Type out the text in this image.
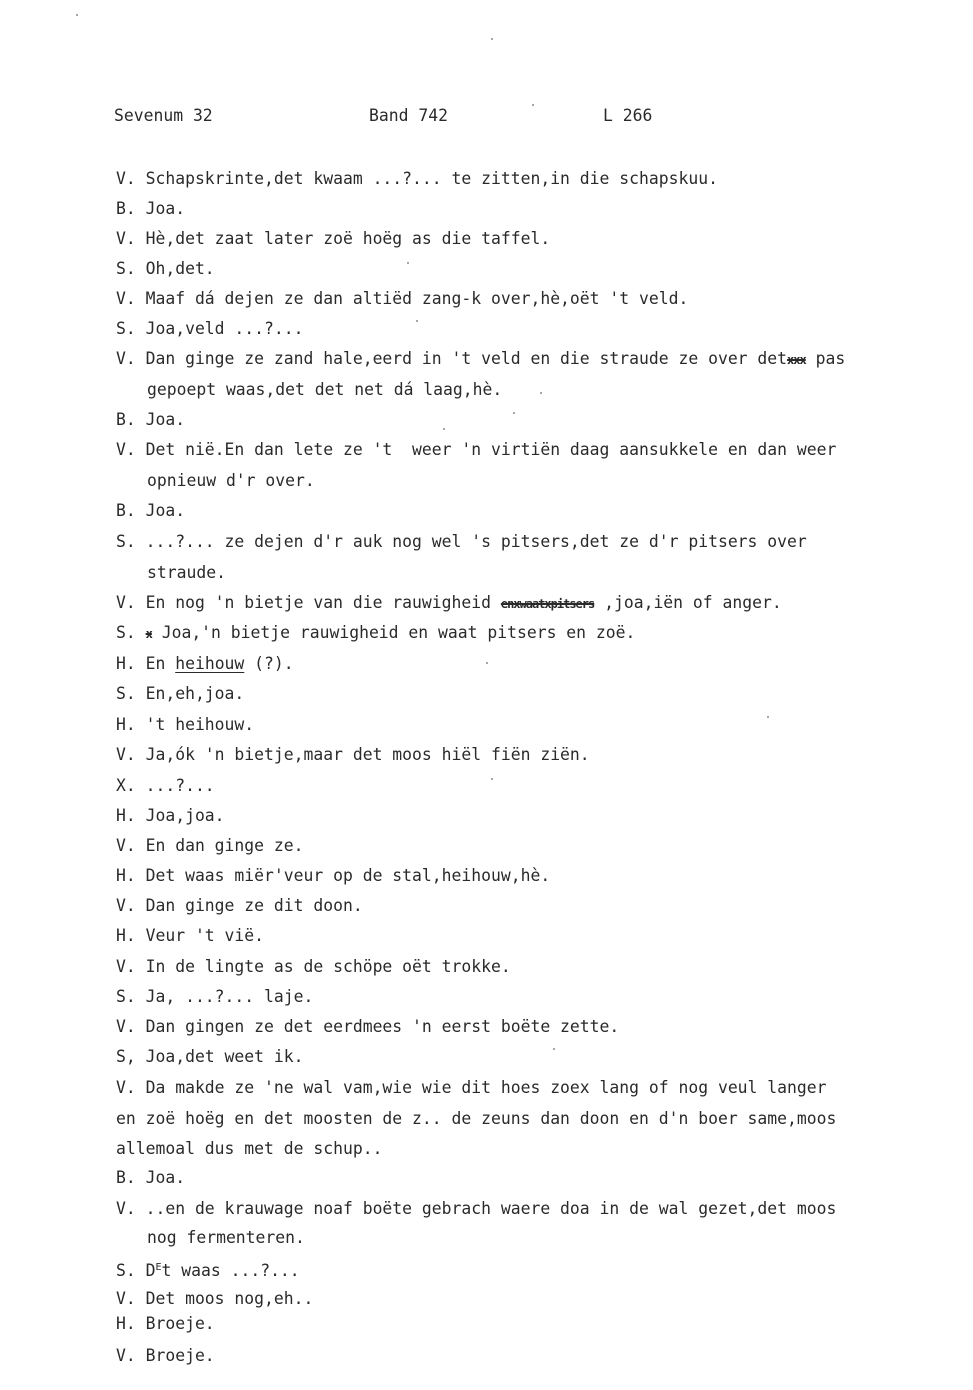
Sevenum 32	Band 742	L 266
V. Schapskrinte,det kwaam ...?... te zitten,in die schapskuu.
B. Joa.
V. Hè,det zaat later zoë hoëg as die taffel.
S. Oh,det.
V. Maaf dá dejen ze dan altiëd zang-k over,hè,oët 't veld.
S. Joa,veld ...?...
V. Dan ginge ze zand hale,eerd in 't veld en die straude ze over detxxx pas
gepoept waas,det det net dá laag,hè.
B. Joa.
V. Det nië.En dan lete ze 't  weer 'n virtiën daag aansukkele en dan weer
opnieuw d'r over.
B. Joa.
S. ...?... ze dejen d'r auk nog wel 's pitsers,det ze d'r pitsers over
straude.
V. En nog 'n bietje van die rauwigheid enxwaatxpitsers ,joa,iën of anger.
S. x Joa,'n bietje rauwigheid en waat pitsers en zoë.
H. En heihouw (?).
S. En,eh,joa.
H. 't heihouw.
V. Ja,ók 'n bietje,maar det moos hiël fiën ziën.
X. ...?...
H. Joa,joa.
V. En dan ginge ze.
H. Det waas miër'veur op de stal,heihouw,hè.
V. Dan ginge ze dit doon.
H. Veur 't vië.
V. In de lingte as de schöpe oët trokke.
S. Ja, ...?... laje.
V. Dan gingen ze det eerdmees 'n eerst boëte zette.
S, Joa,det weet ik.
V. Da makde ze 'ne wal vam,wie wie dit hoes zoex lang of nog veul langer
en zoë hoëg en det moosten de z.. de zeuns dan doon en d'n boer same,moos
allemoal dus met de schup..
B. Joa.
V. ..en de krauwage noaf boëte gebrach waere doa in de wal gezet,det moos
nog fermenteren.
S. $D^Et$ waas ...?...
V. Det moos nog,eh..
H. Broeje.
V. Broeje.
